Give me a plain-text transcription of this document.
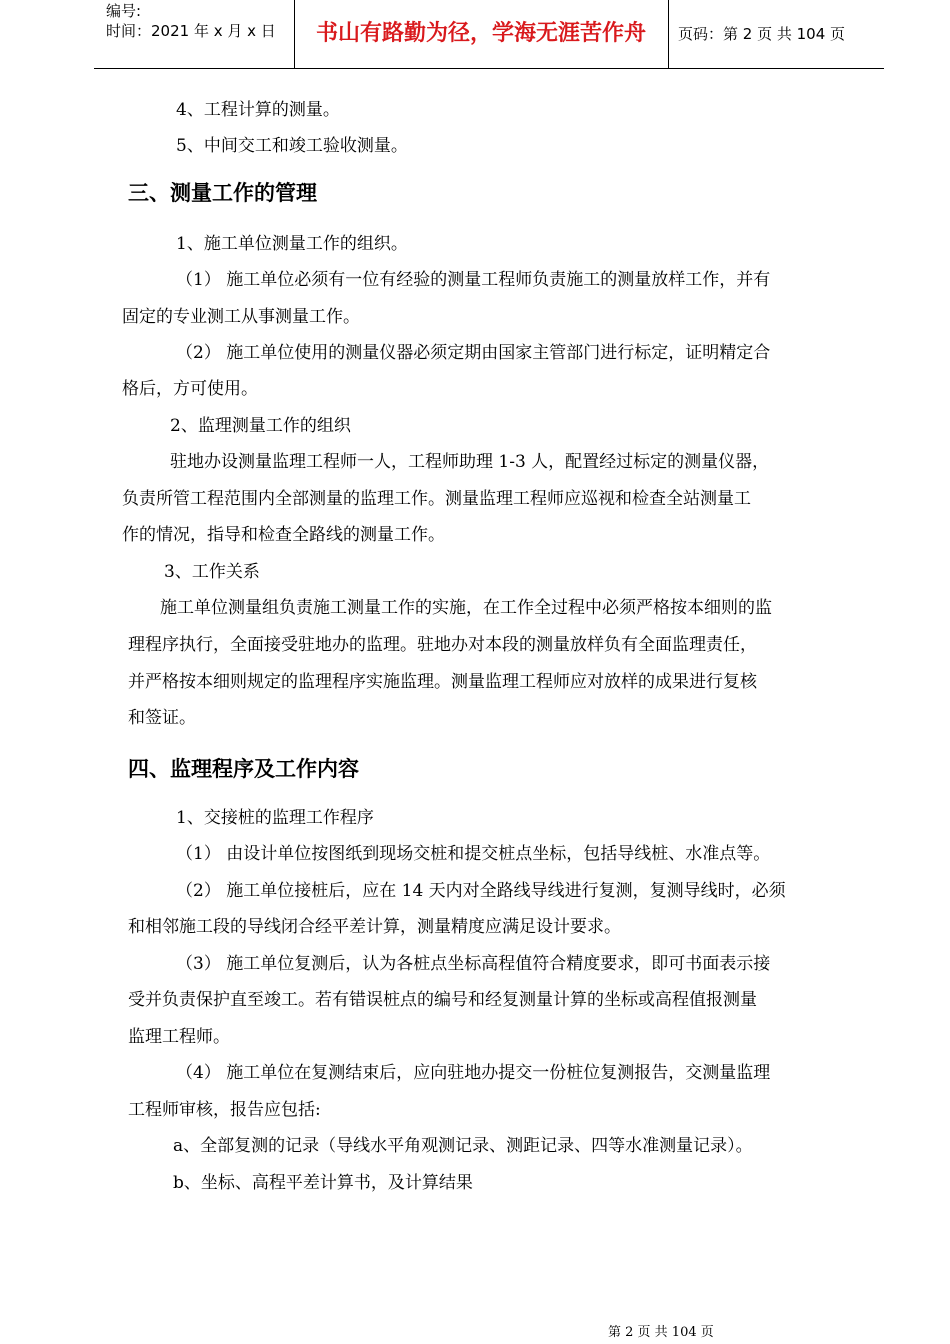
编号:
时间：2021 年 x 月 x 日	书山有路勤为径，学海无涯苦作舟	页码：第 2 页 共 104 页
4、工程计算的测量。
5、中间交工和竣工验收测量。
三、测量工作的管理
1、施工单位测量工作的组织。
（1） 施工单位必须有一位有经验的测量工程师负责施工的测量放样工作，并有
固定的专业测工从事测量工作。
（2） 施工单位使用的测量仪器必须定期由国家主管部门进行标定，证明精定合
格后，方可使用。
2、监理测量工作的组织
驻地办设测量监理工程师一人，工程师助理 1-3 人，配置经过标定的测量仪器，
负责所管工程范围内全部测量的监理工作。测量监理工程师应巡视和检查全站测量工
作的情况，指导和检查全路线的测量工作。
3、工作关系
施工单位测量组负责施工测量工作的实施，在工作全过程中必须严格按本细则的监
理程序执行，全面接受驻地办的监理。驻地办对本段的测量放样负有全面监理责任，
并严格按本细则规定的监理程序实施监理。测量监理工程师应对放样的成果进行复核
和签证。
四、监理程序及工作内容
1、交接桩的监理工作程序
（1） 由设计单位按图纸到现场交桩和提交桩点坐标，包括导线桩、水准点等。
（2） 施工单位接桩后，应在 14 天内对全路线导线进行复测，复测导线时，必须
和相邻施工段的导线闭合经平差计算，测量精度应满足设计要求。
（3） 施工单位复测后，认为各桩点坐标高程值符合精度要求，即可书面表示接
受并负责保护直至竣工。若有错误桩点的编号和经复测量计算的坐标或高程值报测量
监理工程师。
（4） 施工单位在复测结束后，应向驻地办提交一份桩位复测报告，交测量监理
工程师审核，报告应包括:
a、全部复测的记录（导线水平角观测记录、测距记录、四等水准测量记录）。
b、坐标、高程平差计算书，及计算结果
第 2 页 共 104 页
